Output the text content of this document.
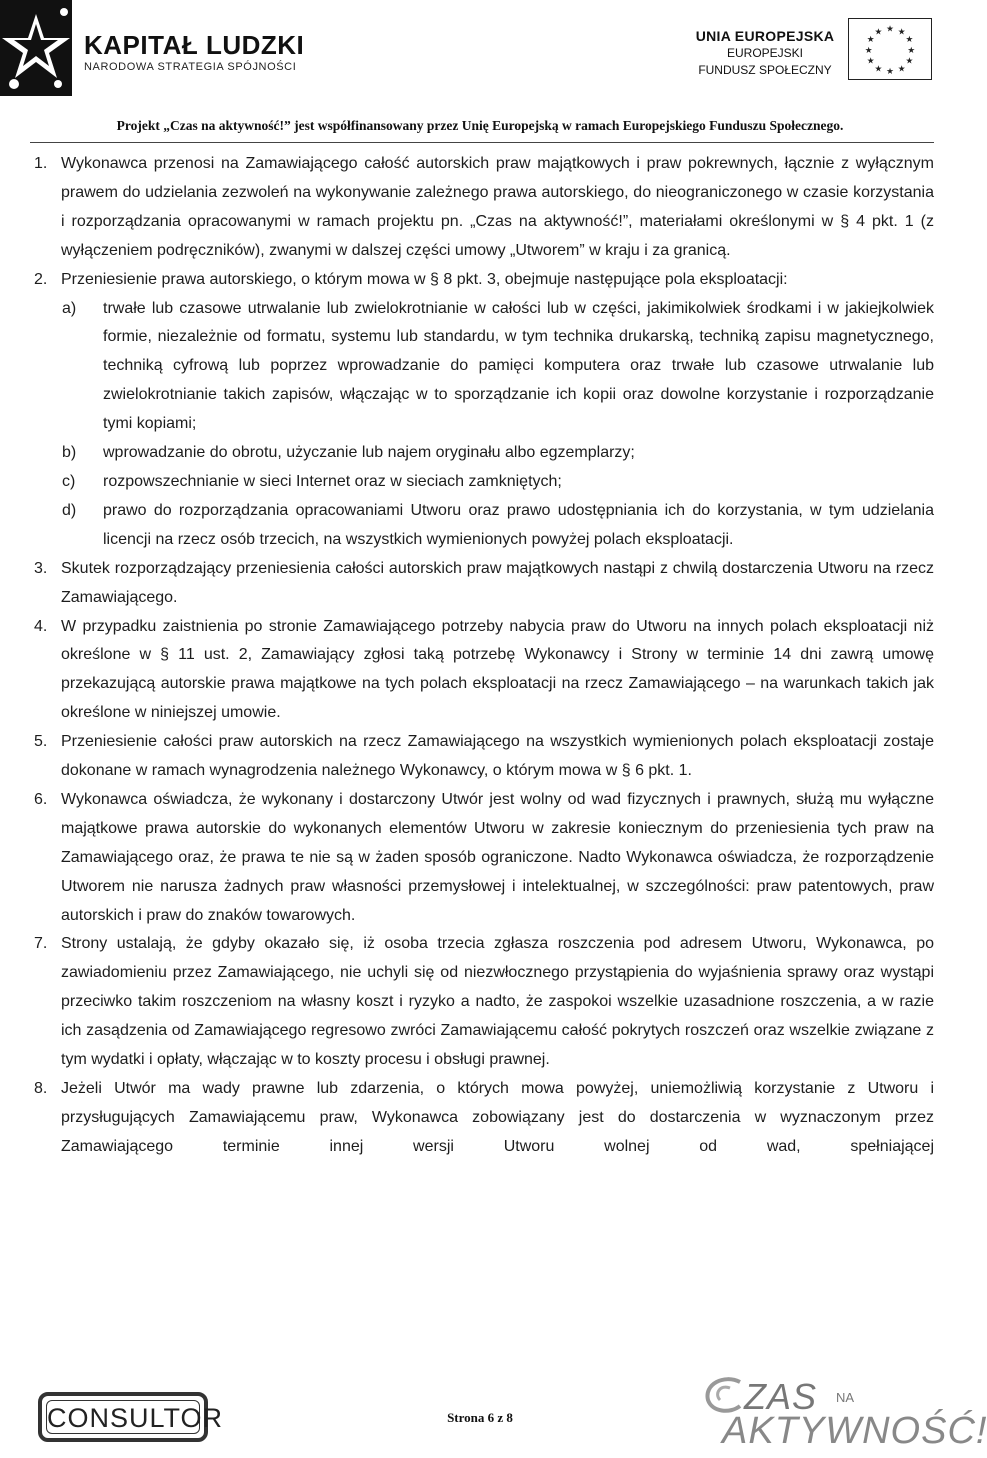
KAPITAŁ LUDZKI
NARODOWA STRATEGIA SPÓJNOŚCI
UNIA EUROPEJSKA
EUROPEJSKI
FUNDUSZ SPOŁECZNY
★ ★
★
★
★
★
★
★
★
★
★
★
Projekt „Czas na aktywność!” jest współfinansowany przez Unię Europejską w ramach Europejskiego Funduszu Społecznego.
1. Wykonawca przenosi na Zamawiającego całość autorskich praw majątkowych i praw pokrewnych, łącznie z wyłącznym prawem do udzielania zezwoleń na wykonywanie zależnego prawa autorskiego, do nieograniczonego w czasie korzystania i rozporządzania opracowanymi w ramach projektu pn. „Czas na aktywność!”, materiałami określonymi w § 4 pkt. 1 (z wyłączeniem podręczników), zwanymi w dalszej części umowy „Utworem” w kraju i za granicą.
2. Przeniesienie prawa autorskiego, o którym mowa w § 8 pkt. 3, obejmuje następujące pola eksploatacji:
a) trwałe lub czasowe utrwalanie lub zwielokrotnianie w całości lub w części, jakimikolwiek środkami i w jakiejkolwiek formie, niezależnie od formatu, systemu lub standardu, w tym technika drukarską, techniką zapisu magnetycznego, techniką cyfrową lub poprzez wprowadzanie do pamięci komputera oraz trwałe lub czasowe utrwalanie lub zwielokrotnianie takich zapisów, włączając w to sporządzanie ich kopii oraz dowolne korzystanie i rozporządzanie tymi kopiami;
b) wprowadzanie do obrotu, użyczanie lub najem oryginału albo egzemplarzy;
c) rozpowszechnianie w sieci Internet oraz w sieciach zamkniętych;
d) prawo do rozporządzania opracowaniami Utworu oraz prawo udostępniania ich do korzystania, w tym udzielania licencji na rzecz osób trzecich, na wszystkich wymienionych powyżej polach eksploatacji.
3. Skutek rozporządzający przeniesienia całości autorskich praw majątkowych nastąpi z chwilą dostarczenia Utworu na rzecz Zamawiającego.
4. W przypadku zaistnienia po stronie Zamawiającego potrzeby nabycia praw do Utworu na innych polach eksploatacji niż określone w § 11 ust. 2, Zamawiający zgłosi taką potrzebę Wykonawcy i Strony w terminie 14 dni zawrą umowę przekazującą autorskie prawa majątkowe na tych polach eksploatacji na rzecz Zamawiającego – na warunkach takich jak określone w niniejszej umowie.
5. Przeniesienie całości praw autorskich na rzecz Zamawiającego na wszystkich wymienionych polach eksploatacji zostaje dokonane w ramach wynagrodzenia należnego Wykonawcy, o którym mowa w § 6 pkt. 1.
6. Wykonawca oświadcza, że wykonany i dostarczony Utwór jest wolny od wad fizycznych i prawnych, służą mu wyłączne majątkowe prawa autorskie do wykonanych elementów Utworu w zakresie koniecznym do przeniesienia tych praw na Zamawiającego oraz, że prawa te nie są w żaden sposób ograniczone. Nadto Wykonawca oświadcza, że rozporządzenie Utworem nie narusza żadnych praw własności przemysłowej i intelektualnej, w szczególności: praw patentowych, praw autorskich i praw do znaków towarowych.
7. Strony ustalają, że gdyby okazało się, iż osoba trzecia zgłasza roszczenia pod adresem Utworu, Wykonawca, po zawiadomieniu przez Zamawiającego, nie uchyli się od niezwłocznego przystąpienia do wyjaśnienia sprawy oraz wystąpi przeciwko takim roszczeniom na własny koszt i ryzyko a nadto, że zaspokoi wszelkie uzasadnione roszczenia, a w razie ich zasądzenia od Zamawiającego regresowo zwróci Zamawiającemu całość pokrytych roszczeń oraz wszelkie związane z tym wydatki i opłaty, włączając w to koszty procesu i obsługi prawnej.
8. Jeżeli Utwór ma wady prawne lub zdarzenia, o których mowa powyżej, uniemożliwią korzystanie z Utworu i przysługujących Zamawiającemu praw, Wykonawca zobowiązany jest do dostarczenia w wyznaczonym przez Zamawiającego terminie innej wersji Utworu wolnej od wad, spełniającej
CONSULTOR	Strona 6 z 8
ZAS NA
AKTYWNOŚĆ!
